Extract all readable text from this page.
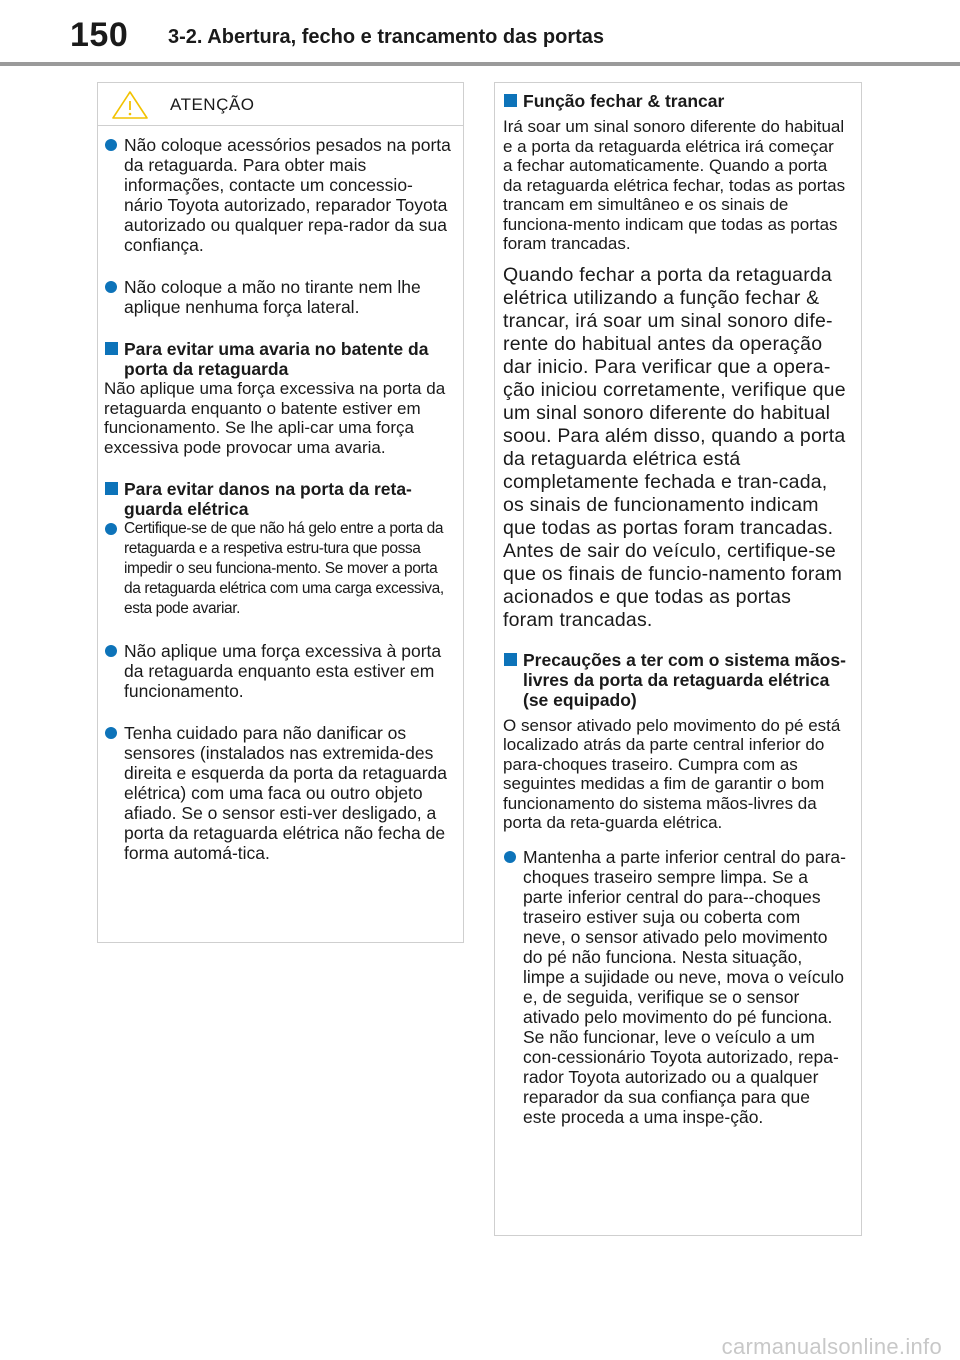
150 3-2. Abertura, fecho e trancamento das portas
ATENÇÃO
Não coloque acessórios pesados na porta da retaguarda. Para obter mais informações, contacte um concessio-nário Toyota autorizado, reparador Toyota autorizado ou qualquer repa-rador da sua confiança.
Não coloque a mão no tirante nem lhe aplique nenhuma força lateral.
Para evitar uma avaria no batente da porta da retaguarda

Não aplique uma força excessiva na porta da retaguarda enquanto o batente estiver em funcionamento. Se lhe apli-car uma força excessiva pode provocar uma avaria.

Para evitar danos na porta da reta-guarda elétrica
Certifique-se de que não há gelo entre a porta da retaguarda e a respetiva estru-tura que possa impedir o seu funciona-mento. Se mover a porta da retaguarda elétrica com uma carga excessiva, esta pode avariar.
Não aplique uma força excessiva à porta da retaguarda enquanto esta estiver em funcionamento.
Tenha cuidado para não danificar os sensores (instalados nas extremida-des direita e esquerda da porta da retaguarda elétrica) com uma faca ou outro objeto afiado. Se o sensor esti-ver desligado, a porta da retaguarda elétrica não fecha de forma automá-tica.
Função fechar & trancar

Irá soar um sinal sonoro diferente do habitual e a porta da retaguarda elétrica irá começar a fechar automaticamente. Quando a porta da retaguarda elétrica fechar, todas as portas trancam em simultâneo e os sinais de funciona-mento indicam que todas as portas foram trancadas.

Quando fechar a porta da retaguarda elétrica utilizando a função fechar & trancar, irá soar um sinal sonoro dife-rente do habitual antes da operação dar inicio. Para verificar que a opera-ção iniciou corretamente, verifique que um sinal sonoro diferente do habitual soou. Para além disso, quando a porta da retaguarda elétrica está completamente fechada e tran-cada, os sinais de funcionamento indicam que todas as portas foram trancadas. Antes de sair do veículo, certifique-se que os finais de funcio-namento foram acionados e que todas as portas foram trancadas.

Precauções a ter com o sistema mãos-livres da porta da retaguarda elétrica (se equipado)

O sensor ativado pelo movimento do pé está localizado atrás da parte central inferior do para-choques traseiro. Cumpra com as seguintes medidas a fim de garantir o bom funcionamento do sistema mãos-livres da porta da reta-guarda elétrica.

Mantenha a parte inferior central do para-choques traseiro sempre limpa. Se a parte inferior central do para--choques traseiro estiver suja ou coberta com neve, o sensor ativado pelo movimento do pé não funciona. Nesta situação, limpe a sujidade ou neve, mova o veículo e, de seguida, verifique se o sensor ativado pelo movimento do pé funciona. Se não funcionar, leve o veículo a um con-cessionário Toyota autorizado, repa-rador Toyota autorizado ou a qualquer reparador da sua confiança para que este proceda a uma inspe-ção.
carmanualsonline.info
